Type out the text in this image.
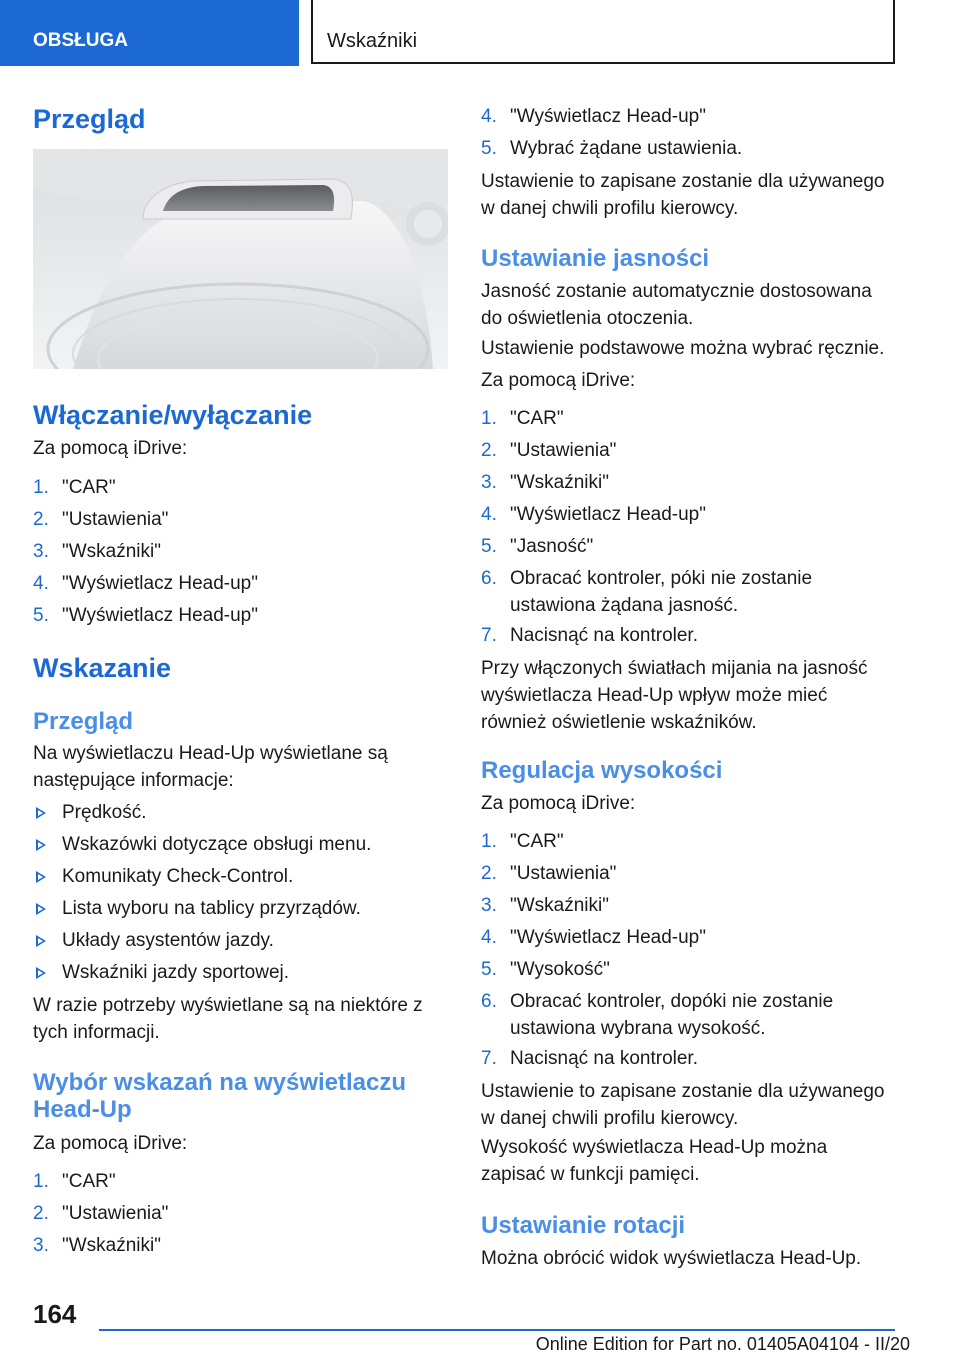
OBSŁUGA	Wskaźniki
Przegląd
Włączanie/wyłączanie

Za pomocą iDrive:

1. "CAR"
2. "Ustawienia"
3. "Wskaźniki"
4. "Wyświetlacz Head-up"
5. "Wyświetlacz Head-up"
Wskazanie
Przegląd

Na wyświetlaczu Head-Up wyświetlane są następujące informacje:

Prędkość.
Wskazówki dotyczące obsługi menu.
Komunikaty Check-Control.
Lista wyboru na tablicy przyrządów.
Układy asystentów jazdy.
Wskaźniki jazdy sportowej.

W razie potrzeby wyświetlane są na niektóre z tych informacji.

Wybór wskazań na wyświetlaczu Head-Up

Za pomocą iDrive:

1. "CAR"
2. "Ustawienia"
3. "Wskaźniki"
4. "Wyświetlacz Head-up"
5. Wybrać żądane ustawienia.

Ustawienie to zapisane zostanie dla używanego w danej chwili profilu kierowcy.

Ustawianie jasności

Jasność zostanie automatycznie dostosowana do oświetlenia otoczenia.

Ustawienie podstawowe można wybrać ręcznie.

Za pomocą iDrive:

1. "CAR"
2. "Ustawienia"
3. "Wskaźniki"
4. "Wyświetlacz Head-up"
5. "Jasność"
6. Obracać kontroler, póki nie zostanie ustawiona żądana jasność.
7. Nacisnąć na kontroler.

Przy włączonych światłach mijania na jasność wyświetlacza Head-Up wpływ może mieć również oświetlenie wskaźników.

Regulacja wysokości

Za pomocą iDrive:

1. "CAR"
2. "Ustawienia"
3. "Wskaźniki"
4. "Wyświetlacz Head-up"
5. "Wysokość"
6. Obracać kontroler, dopóki nie zostanie ustawiona wybrana wysokość.
7. Nacisnąć na kontroler.

Ustawienie to zapisane zostanie dla używanego w danej chwili profilu kierowcy.

Wysokość wyświetlacza Head-Up można zapisać w funkcji pamięci.

Ustawianie rotacji

Można obrócić widok wyświetlacza Head-Up.

164
Online Edition for Part no. 01405A04104 - II/20
